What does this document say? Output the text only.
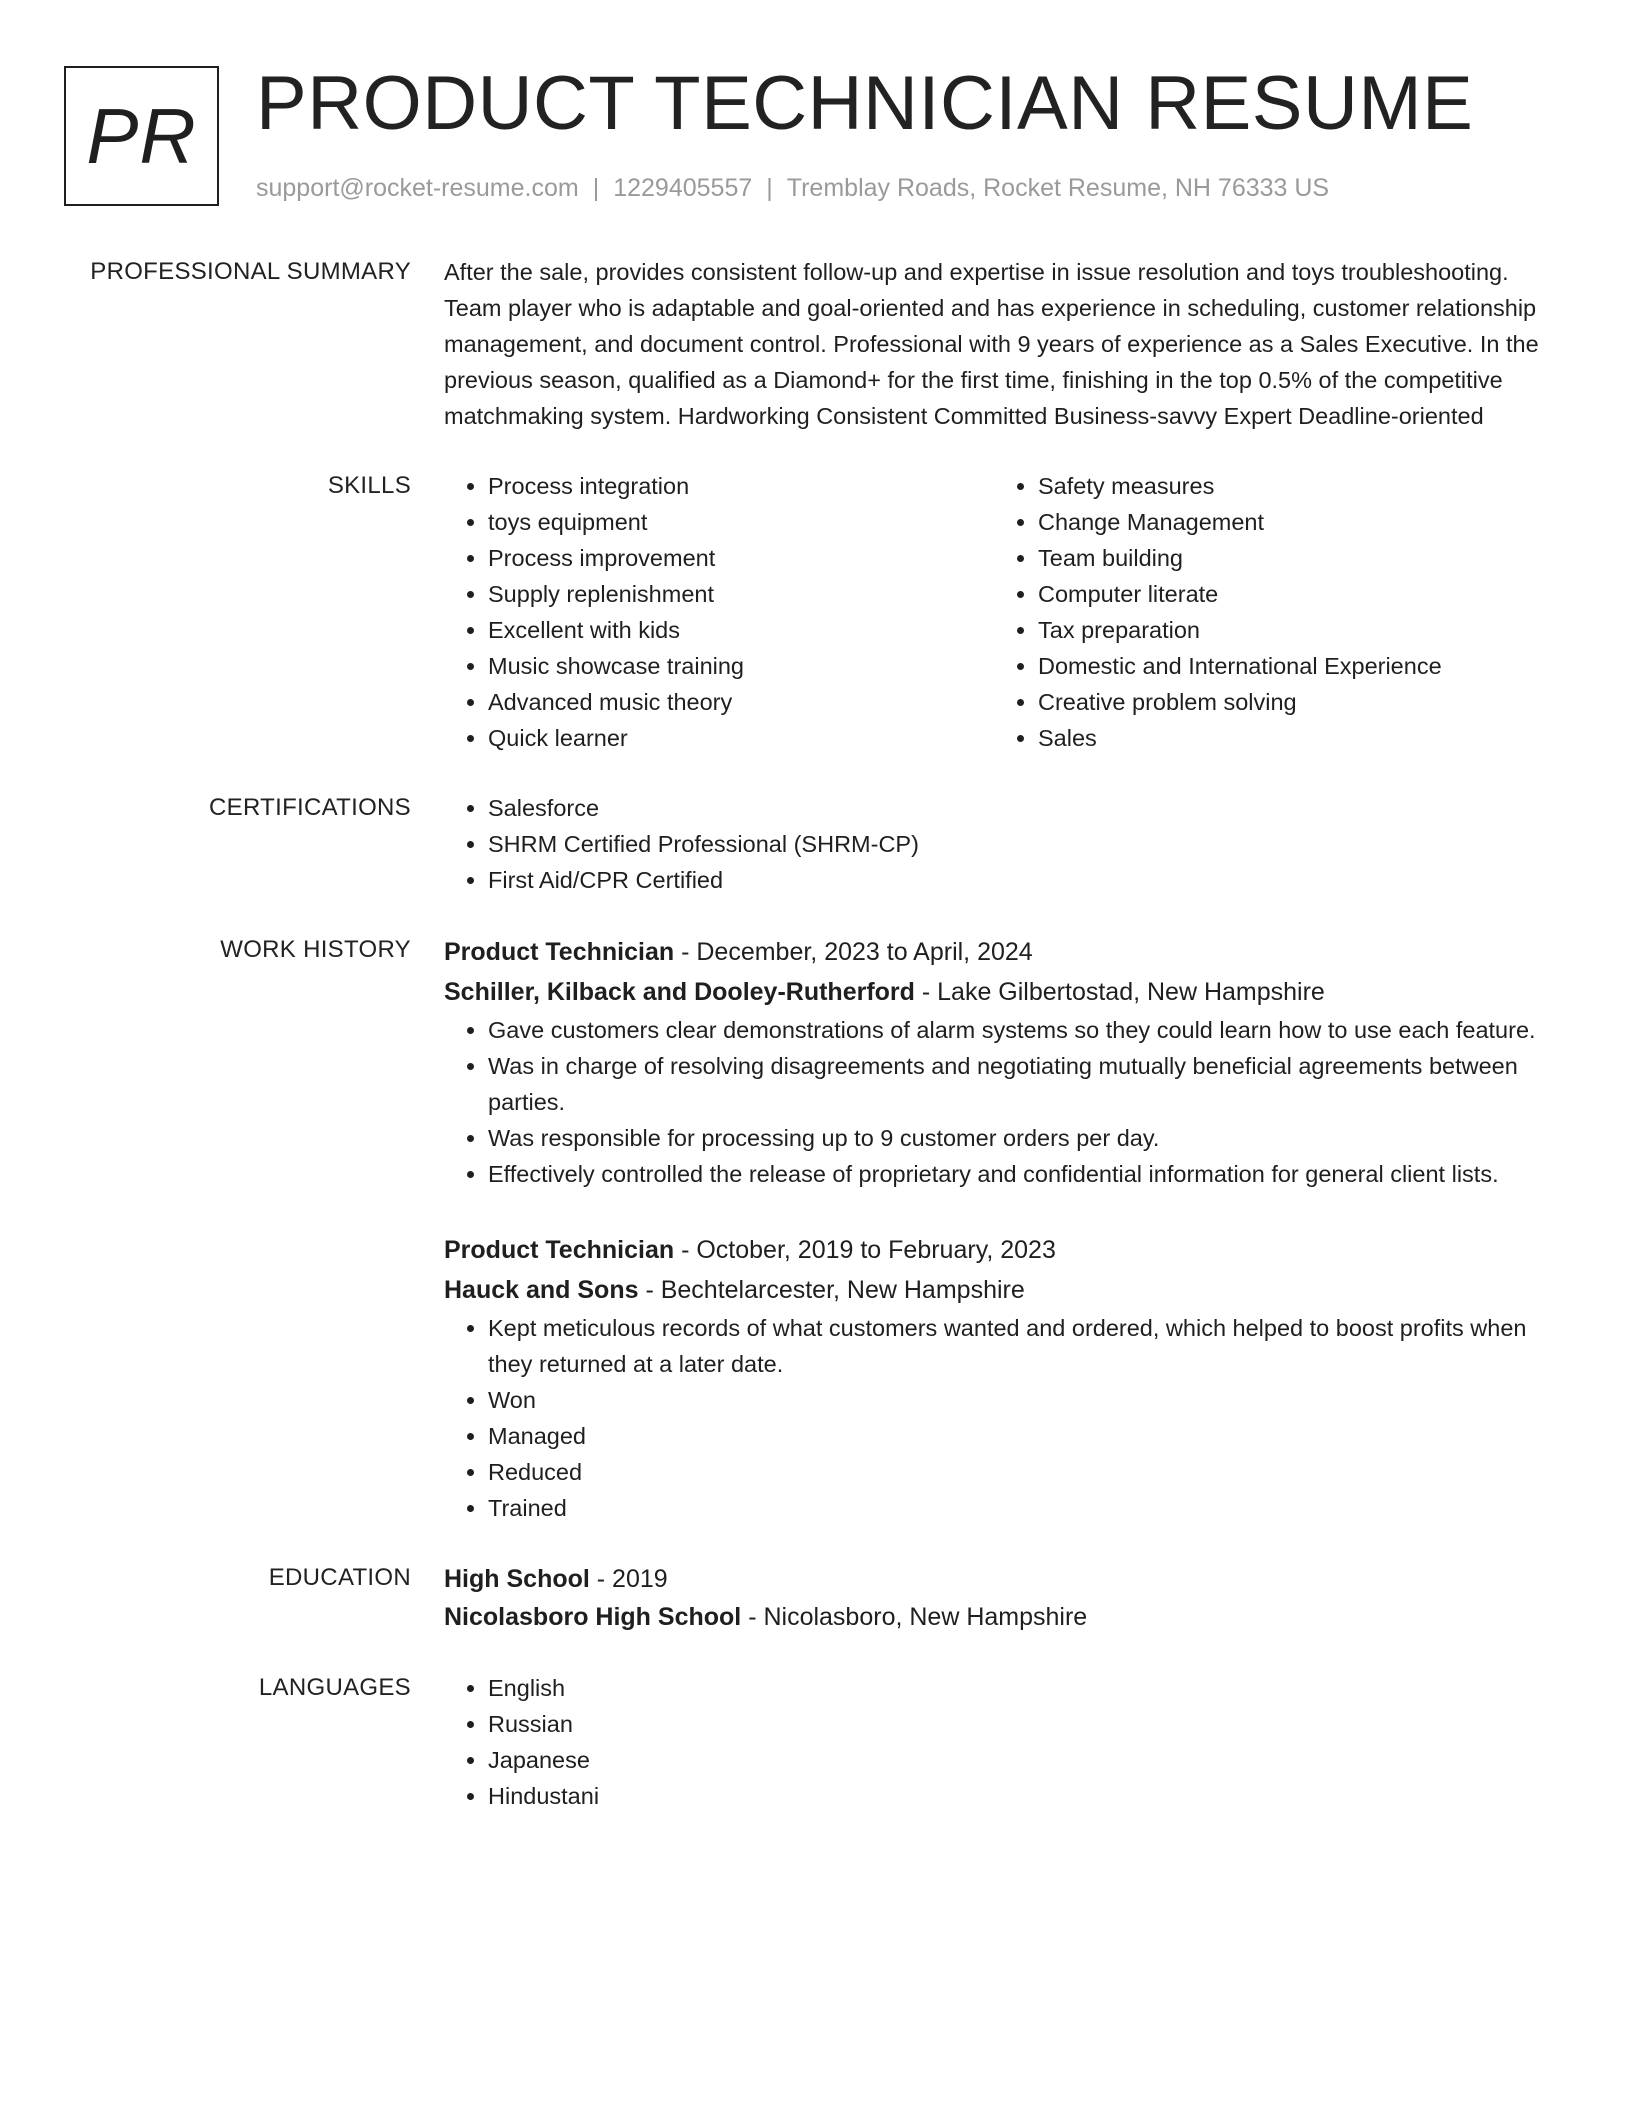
PR PRODUCT TECHNICIAN RESUME
support@rocket-resume.com | 1229405557 | Tremblay Roads, Rocket Resume, NH 76333 US
PROFESSIONAL SUMMARY After the sale, provides consistent follow-up and expertise in issue resolution and toys troubleshooting. Team player who is adaptable and goal-oriented and has experience in scheduling, customer relationship management, and document control. Professional with 9 years of experience as a Sales Executive. In the previous season, qualified as a Diamond+ for the first time, finishing in the top 0.5% of the competitive matchmaking system. Hardworking Consistent Committed Business-savvy Expert Deadline-oriented

SKILLS	• Process integration
• toys equipment
• Process improvement
• Supply replenishment
• Excellent with kids
• Music showcase training
• Advanced music theory
• Quick learner
• Safety measures
• Change Management
• Team building
• Computer literate
• Tax preparation
• Domestic and International Experience
• Creative problem solving
• Sales
CERTIFICATIONS	• Salesforce
• SHRM Certified Professional (SHRM-CP)
• First Aid/CPR Certified
WORK HISTORY Product Technician - December, 2023 to April, 2024
Schiller, Kilback and Dooley-Rutherford - Lake Gilbertostad, New Hampshire
• Gave customers clear demonstrations of alarm systems so they could learn how to use each feature.
• Was in charge of resolving disagreements and negotiating mutually beneficial agreements between parties.
• Was responsible for processing up to 9 customer orders per day.
• Effectively controlled the release of proprietary and confidential information for general client lists.
Product Technician - October, 2019 to February, 2023
Hauck and Sons - Bechtelarcester, New Hampshire
• Kept meticulous records of what customers wanted and ordered, which helped to boost profits when they returned at a later date.
• Won
• Managed
• Reduced
• Trained
EDUCATION High School - 2019
Nicolasboro High School - Nicolasboro, New Hampshire
LANGUAGES	• English
• Russian
• Japanese
• Hindustani
